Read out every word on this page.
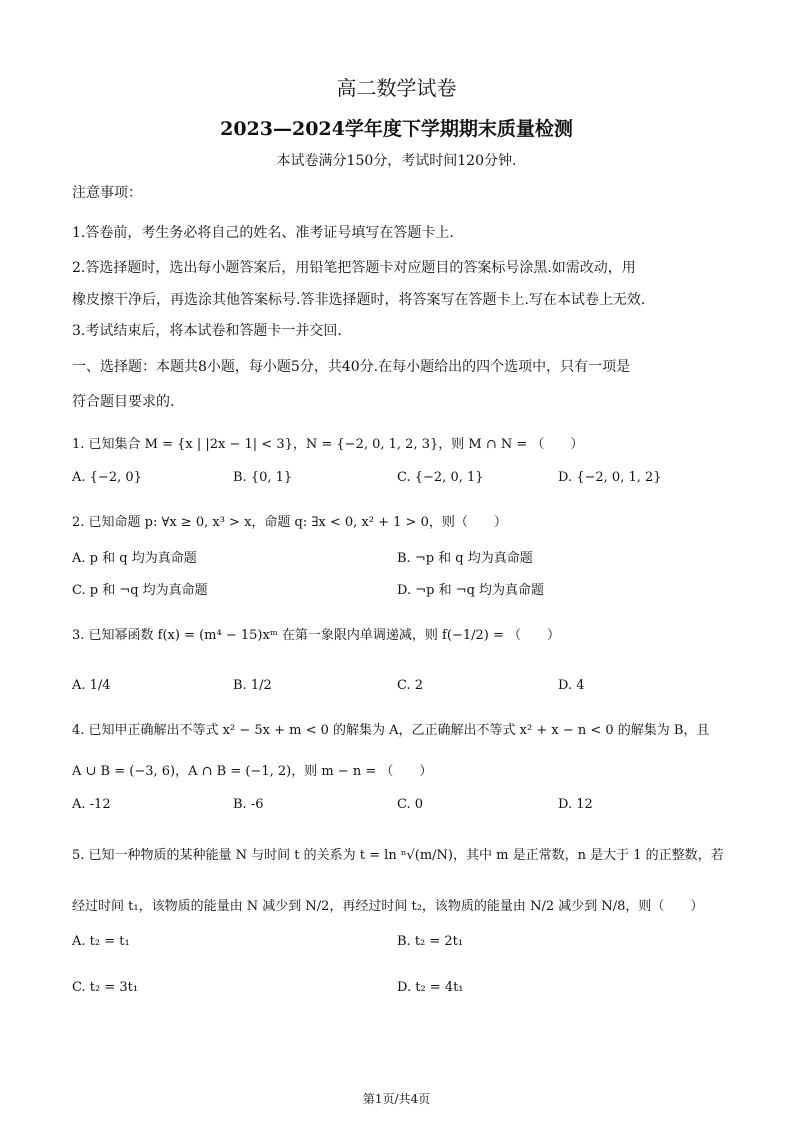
高二数学试卷
2023—2024学年度下学期期末质量检测
本试卷满分150分，考试时间120分钟.
注意事项：
1.答卷前，考生务必将自己的姓名、准考证号填写在答题卡上.
2.答选择题时，选出每小题答案后，用铅笔把答题卡对应题目的答案标号涂黑.如需改动，用
橡皮擦干净后，再选涂其他答案标号.答非选择题时，将答案写在答题卡上.写在本试卷上无效.
3.考试结束后，将本试卷和答题卡一并交回.
一、选择题：本题共8小题，每小题5分，共40分.在每小题给出的四个选项中，只有一项是
符合题目要求的.
1. 已知集合 M = {x | |2x − 1| < 3}，N = {−2, 0, 1, 2, 3}，则 M ∩ N = （　　）
A. {−2, 0}	B. {0, 1}	C. {−2, 0, 1}	D. {−2, 0, 1, 2}
2. 已知命题 p: ∀x ≥ 0, x³ > x，命题 q: ∃x < 0, x² + 1 > 0，则（　　）
A. p 和 q 均为真命题	B. ¬p 和 q 均为真命题
C. p 和 ¬q 均为真命题	D. ¬p 和 ¬q 均为真命题
3. 已知幂函数 f(x) = (m⁴ − 15)xᵐ 在第一象限内单调递减，则 f(−1/2) = （　　）
A. 1/4	B. 1/2	C. 2	D. 4
4. 已知甲正确解出不等式 x² − 5x + m < 0 的解集为 A，乙正确解出不等式 x² + x − n < 0 的解集为 B，且
A ∪ B = (−3, 6)，A ∩ B = (−1, 2)，则 m − n = （　　）
A. -12	B. -6	C. 0	D. 12
5. 已知一种物质的某种能量 N 与时间 t 的关系为 t = ln ⁿ√(m/N)，其中 m 是正常数，n 是大于 1 的正整数，若
经过时间 t₁，该物质的能量由 N 减少到 N/2，再经过时间 t₂，该物质的能量由 N/2 减少到 N/8，则（　　）
A. t₂ = t₁	B. t₂ = 2t₁
C. t₂ = 3t₁	D. t₂ = 4t₁
第1页/共4页
